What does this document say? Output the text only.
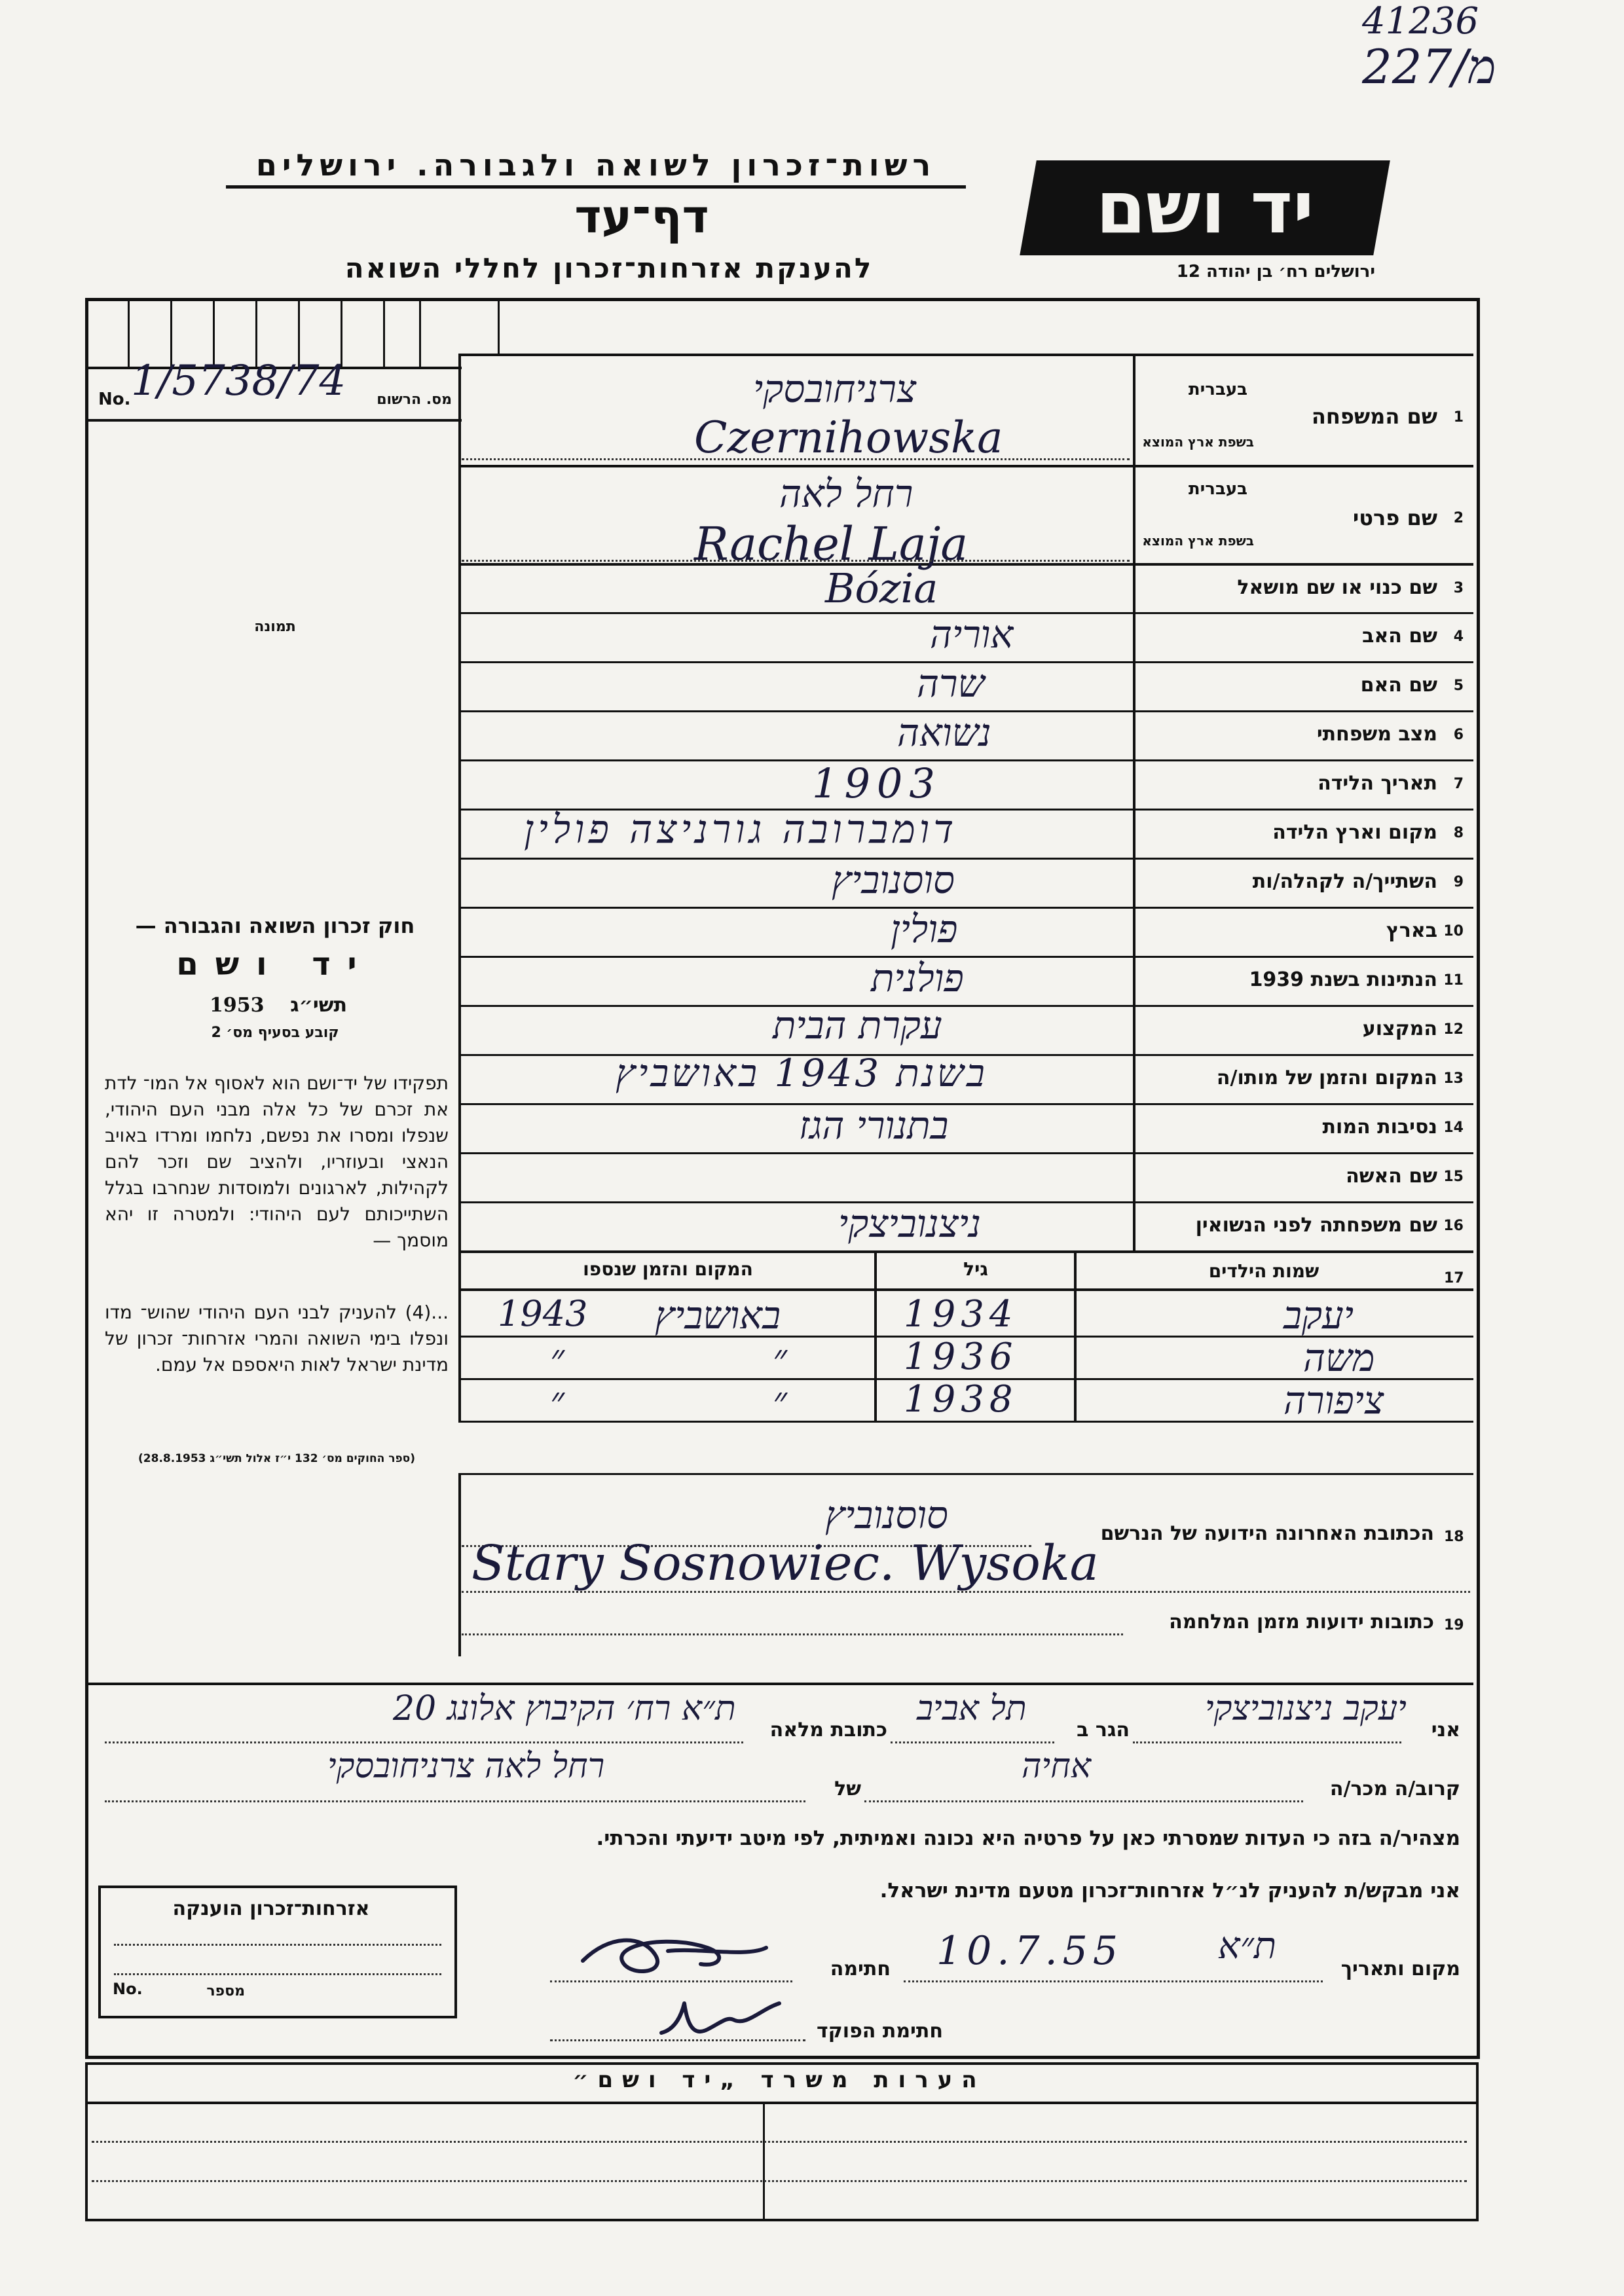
41236
227/מ
רשות־זכרון לשואה ולגבורה. ירושלים
דף־עד
להענקת אזרחות־זכרון לחללי השואה
יד ושם
ירושלים רח׳ בן יהודה 12
1/5738/74
No.	מס. הרשום
תמונה
חוק זכרון השואה והגבורה —
יד ושם
תשי״ג
1953
קובע בסעיף מס׳ 2
תפקידו של יד־ושם הוא לאסוף אל המו־ לדת את זכרם של כל אלה מבני העם היהודי, שנפלו ומסרו את נפשם, נלחמו ומרדו באויב הנאצי ובעוזריו, ולהציב שם וזכר להם לקהילות, לארגונים ולמוסדות שנחרבו בגלל השתייכותם לעם היהודי: ולמטרה זו יהא מוסמך —
...(4) להעניק לבני העם היהודי שהוש־ מדו ונפלו בימי השואה והמרי אזרחות־ זכרון של מדינת ישראל לאות היאספם אל עמם.
(ספר החוקים מס׳ 132 י״ז אלול תשי״ג 28.8.1953)
1
שם המשפחה
בעברית
בשפת ארץ המוצא
צרניחובסקי
Czernihowska
2
שם פרטי
בעברית
בשפת ארץ המוצא
רחל לאה
Rachel Laja
3
שם כנוי או שם מושאל
Bózia
4
שם האב
אוריה
5
שם האם
שרה
6
מצב משפחתי
נשואה
7
תאריך הלידה
1903
8
מקום וארץ הלידה
דומברובה גורניצה פולין
9
השתייך/ה לקהלה/ות
סוסנוביץ
10
בארץ
פולין
11
הנתינות בשנת 1939
פולנית
12
המקצוע
עקרת הבית
13
המקום והזמן של מותו/ה
בשנת 1943 באושביץ
14
נסיבות המות
בתנורי הגז
15
שם האשה
16
שם משפחתה לפני הנשואין
ניצנוביצקי
17
שמות הילדים
גיל
המקום והזמן שנספו
יעקב
1934
באושביץ
1943
משה
1936
״
״
ציפורה
1938
״
״
18
הכתובת האחרונה הידועה של הנרשם
סוסנוביץ
Stary Sosnowiec. Wysoka
19
כתובות ידועות מזמן המלחמה
אני
יעקב ניצנוביצקי
הגר ב
תל אביב
כתובת מלאה
ת״א רח׳ הקיבוץ אלונג 20
קרוב/ה מכר/ה
אחיה
של
רחל לאה צרניחובסקי
מצהיר/ה בזה כי העדות שמסרתי כאן על פרטיה היא נכונה ואמיתית, לפי מיטב ידיעתי והכרתי.
אני מבקש/ת להעניק לנ״ל אזרחות־זכרון מטעם מדינת ישראל.
אזרחות־זכרון הוענקה
No.	מספר
מקום ותאריך
ת״א
10.7.55
חתימה
חתימת הפוקד
הערות משרד „יד ושם״
